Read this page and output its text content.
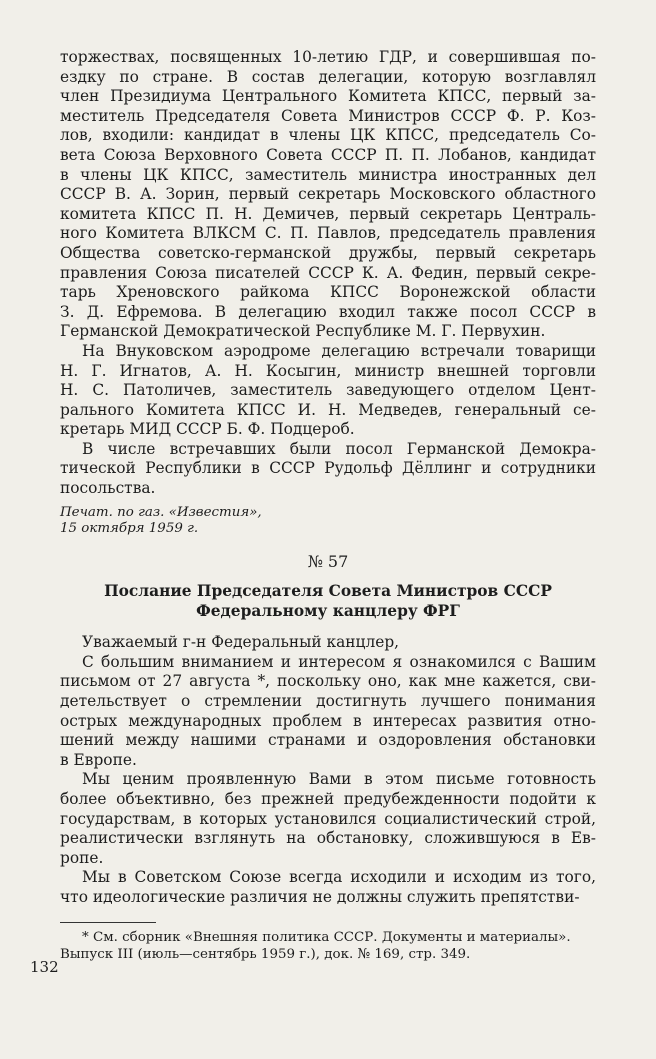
торжествах, посвященных 10-летию ГДР, и совершившая по-
ездку по стране. В состав делегации, которую возглавлял
член Президиума Центрального Комитета КПСС, первый за-
меститель Председателя Совета Министров СССР Ф. Р. Коз-
лов, входили: кандидат в члены ЦК КПСС, председатель Со-
вета Союза Верховного Совета СССР П. П. Лобанов, кандидат
в члены ЦК КПСС, заместитель министра иностранных дел
СССР В. А. Зорин, первый секретарь Московского областного
комитета КПСС П. Н. Демичев, первый секретарь Централь-
ного Комитета ВЛКСМ С. П. Павлов, председатель правления
Общества советско-германской дружбы, первый секретарь
правления Союза писателей СССР К. А. Федин, первый секре-
тарь Хреновского райкома КПСС Воронежской области
З. Д. Ефремова. В делегацию входил также посол СССР в
Германской Демократической Республике М. Г. Первухин.

На Внуковском аэродроме делегацию встречали товарищи
Н. Г. Игнатов, А. Н. Косыгин, министр внешней торговли
Н. С. Патоличев, заместитель заведующего отделом Цент-
рального Комитета КПСС И. Н. Медведев, генеральный се-
кретарь МИД СССР Б. Ф. Подцероб.

В числе встречавших были посол Германской Демокра-
тической Республики в СССР Рудольф Дёллинг и сотрудники
посольства.

Печат. по газ. «Известия»,
15 октября 1959 г.
№ 57
Послание Председателя Совета Министров СССР
Федеральному канцлеру ФРГ

Уважаемый г-н Федеральный канцлер,

С большим вниманием и интересом я ознакомился с Вашим
письмом от 27 августа *, поскольку оно, как мне кажется, сви-
детельствует о стремлении достигнуть лучшего понимания
острых международных проблем в интересах развития отно-
шений между нашими странами и оздоровления обстановки
в Европе.

Мы ценим проявленную Вами в этом письме готовность
более объективно, без прежней предубежденности подойти к
государствам, в которых установился социалистический строй,
реалистически взглянуть на обстановку, сложившуюся в Ев-
ропе.

Мы в Советском Союзе всегда исходили и исходим из того,
что идеологические различия не должны служить препятстви-

* См. сборник «Внешняя политика СССР. Документы и материалы».
Выпуск III (июль—сентябрь 1959 г.), док. № 169, стр. 349.
132
